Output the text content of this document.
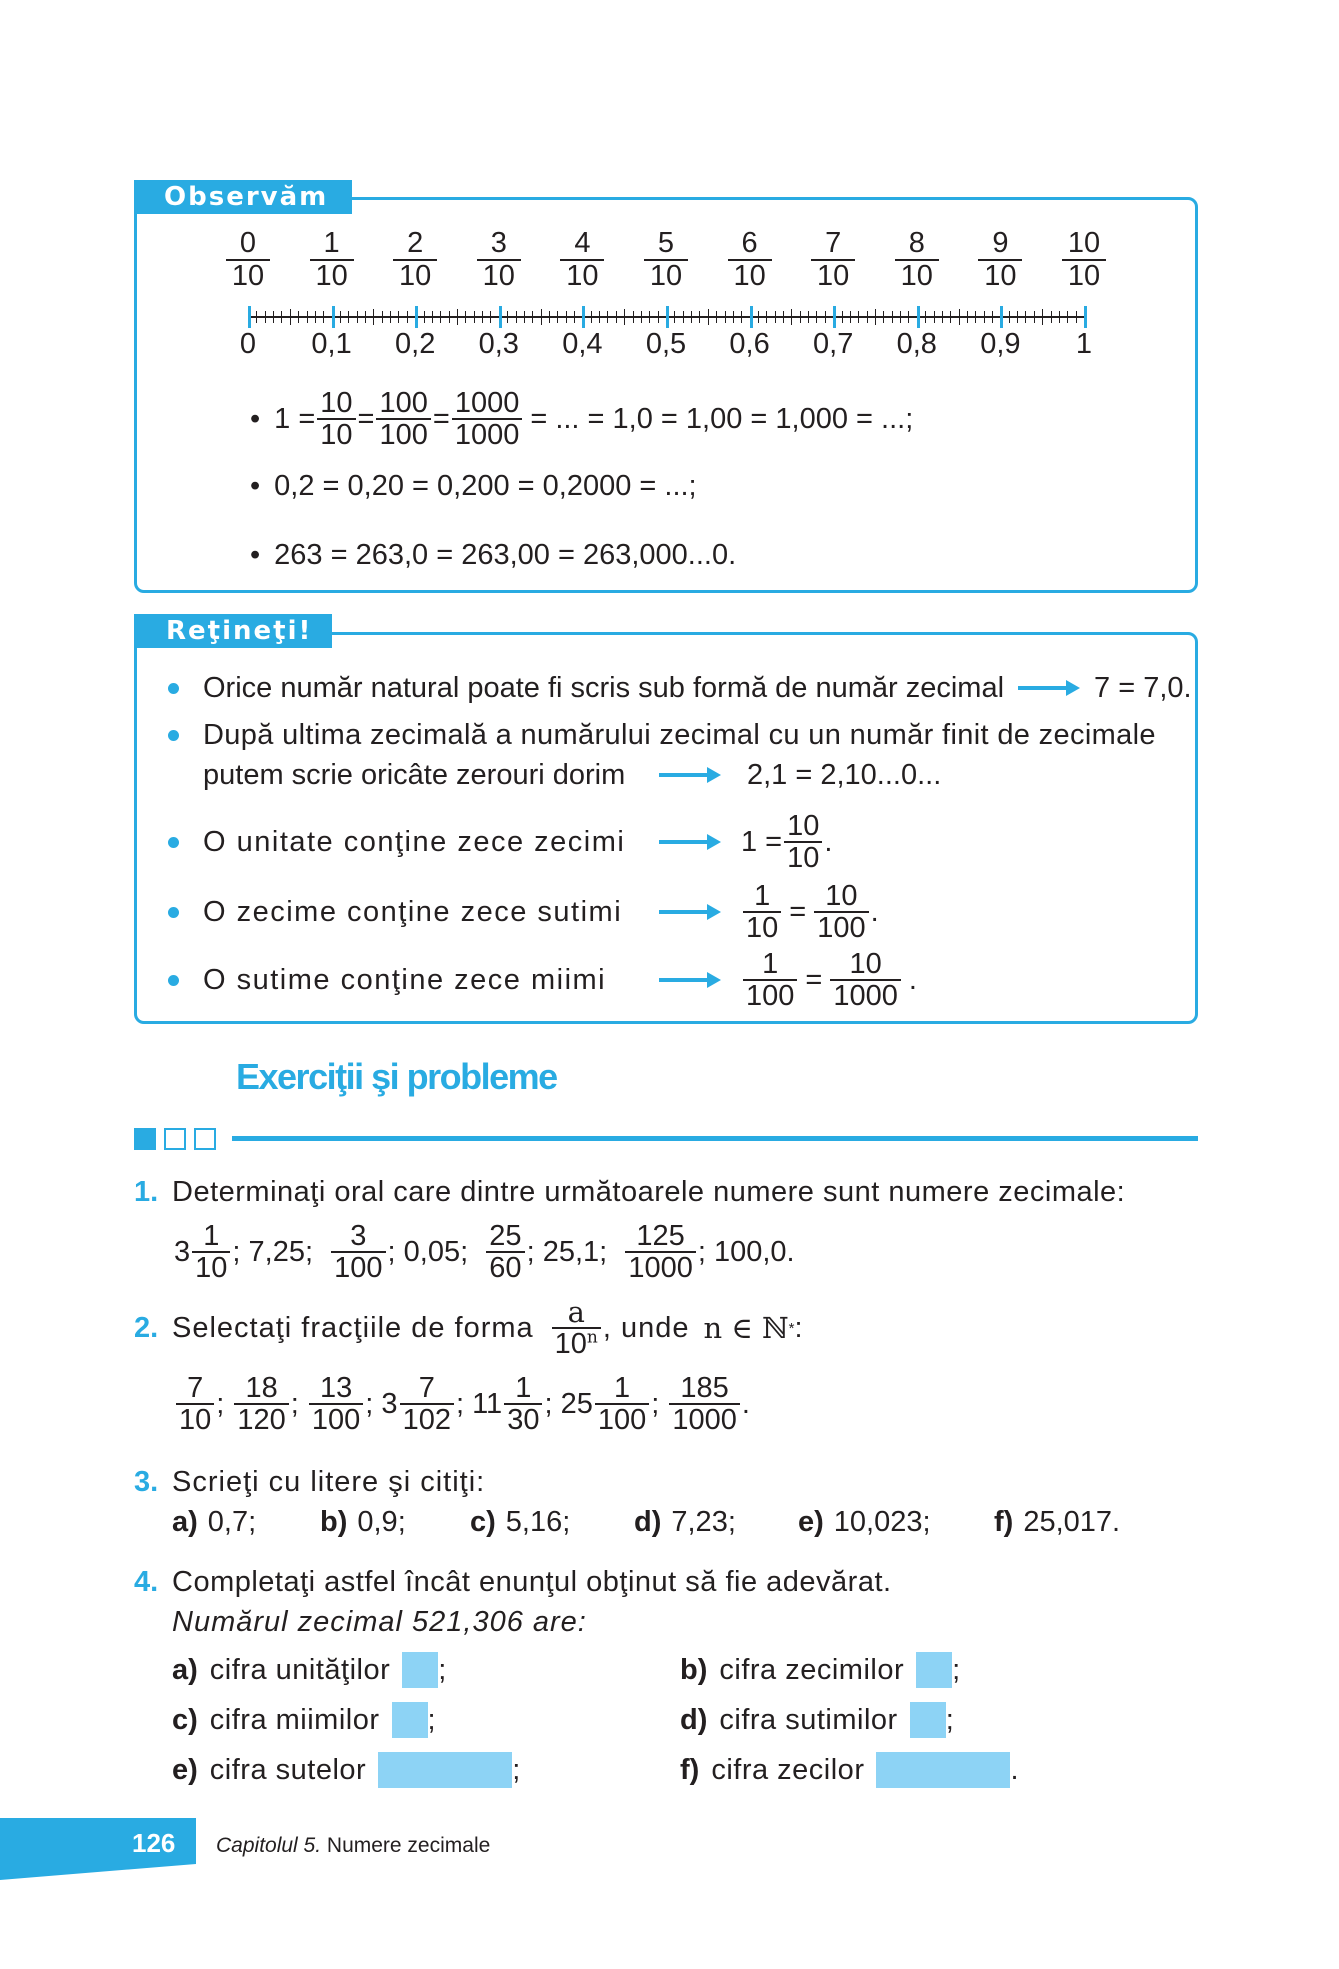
Observăm
0
10
1
10
2
10
3
10
4
10
5
10
6
10
7
10
8
10
9
10
10
10
0	0,1	0,2	0,3	0,4	0,5	0,6	0,7	0,8	0,9	1
• $1 = \frac{10}{10} = \frac{100}{100} = \frac{1000}{1000}$ = ... = 1,0 = 1,00 = 1,000 = ...;
• 0,2 = 0,20 = 0,200 = 0,2000 = ...;
• 263 = 263,0 = 263,00 = 263,000...0.
Reţineţi!
Orice număr natural poate fi scris sub formă de număr zecimal	7 = 7,0.
După ultima zecimală a numărului zecimal cu un număr finit de zecimale
putem scrie oricâte zerouri dorim	2,1 = 2,10...0...
O unitate conţine zece zecimi	$1 = \frac{10}{10}$ .
O zecime conţine zece sutimi	$\frac{1}{10} = \frac{10}{100}$ .
O sutime conţine zece miimi	$\frac{1}{100} = \frac{10}{1000}$ .
Exerciţii şi probleme
1. Determinaţi oral care dintre următoarele numere sunt numere zecimale:
$3 \frac{1}{10}$ ; 7,25;
$\frac{3}{100}$ ; 0,05;
$\frac{25}{60}$ ; 25,1;
$\frac{125}{1000}$ ; 100,0.
2. Selectaţi fracţiile de forma $\frac{a}{10^n}$ , unde n ∈ ℕ * :
$\frac{7}{10}$ ; $\frac{18}{120}$ ; $\frac{13}{100}$ ; $3 \frac{7}{102}$ ; $11 \frac{1}{30}$ ; $25 \frac{1}{100}$ ; $\frac{185}{1000}$ .
3. Scrieţi cu litere şi citiţi:
a) 0,7; b) 0,9; c) 5,16; d) 7,23; e) 10,023; f) 25,017.
4. Completaţi astfel încât enunţul obţinut să fie adevărat.
Numărul zecimal 521,306 are:
a) cifra unităţilor ;	b) cifra zecimilor ;
c) cifra miimilor ;	d) cifra sutimilor ;
e) cifra sutelor	;	f) cifra zecilor	.
126 Capitolul 5. Numere zecimale
